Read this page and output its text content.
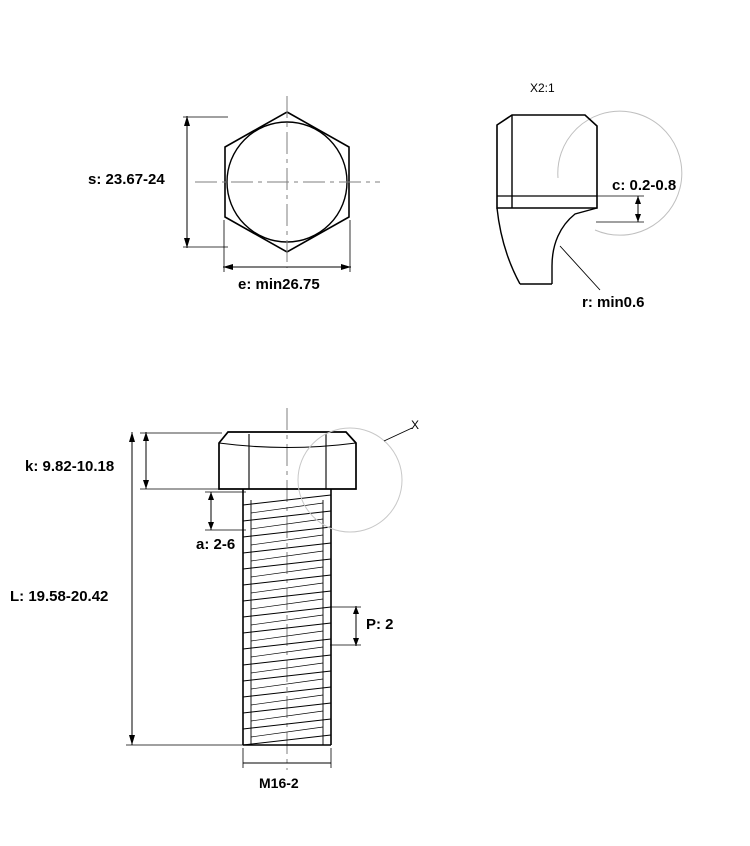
s: 23.67-24
e: min26.75
X2:1
c: 0.2-0.8
r: min0.6
k: 9.82-10.18
L: 19.58-20.42
a: 2-6
P: 2
M16-2
X
